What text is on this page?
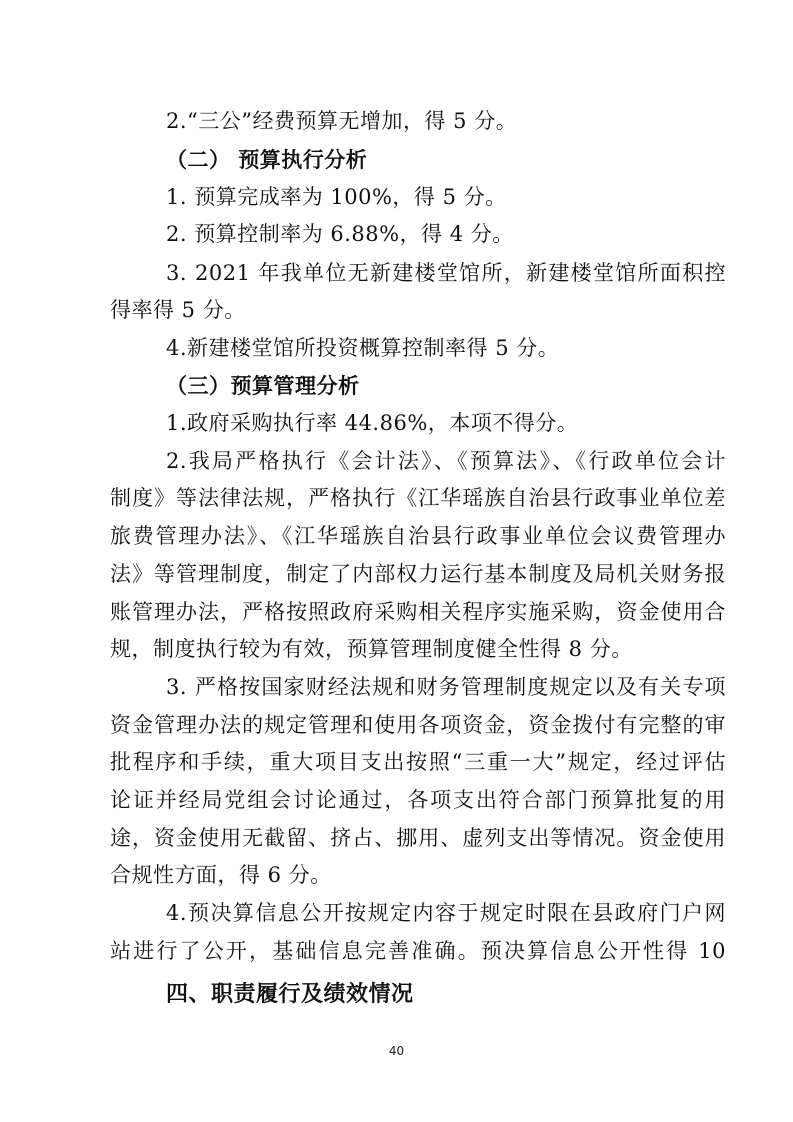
2.“三公”经费预算无增加，得 5 分。
（二） 预算执行分析
1. 预算完成率为 100%，得 5 分。
2. 预算控制率为 6.88%，得 4 分。
3. 2021 年我单位无新建楼堂馆所，新建楼堂馆所面积控
得率得 5 分。
4.新建楼堂馆所投资概算控制率得 5 分。
（三）预算管理分析
1.政府采购执行率 44.86%，本项不得分。
2.我局严格执行《会计法》、《预算法》、《行政单位会计
制度》等法律法规，严格执行《江华瑶族自治县行政事业单位差
旅费管理办法》、《江华瑶族自治县行政事业单位会议费管理办
法》等管理制度，制定了内部权力运行基本制度及局机关财务报
账管理办法，严格按照政府采购相关程序实施采购，资金使用合
规，制度执行较为有效，预算管理制度健全性得 8 分。
3. 严格按国家财经法规和财务管理制度规定以及有关专项
资金管理办法的规定管理和使用各项资金，资金拨付有完整的审
批程序和手续，重大项目支出按照“三重一大”规定，经过评估
论证并经局党组会讨论通过，各项支出符合部门预算批复的用
途，资金使用无截留、挤占、挪用、虚列支出等情况。资金使用
合规性方面，得 6 分。
4.预决算信息公开按规定内容于规定时限在县政府门户网
站进行了公开，基础信息完善准确。预决算信息公开性得 10
四、职责履行及绩效情况
40
